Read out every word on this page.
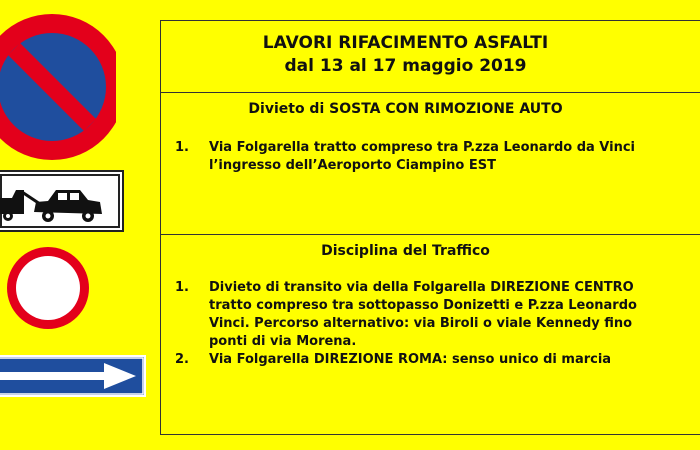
LAVORI RIFACIMENTO ASFALTI
dal 13 al 17 maggio 2019
Divieto di SOSTA CON RIMOZIONE AUTO
1. Via Folgarella tratto compreso tra P.zza Leonardo da Vinci
l’ingresso dell’Aeroporto Ciampino EST
Disciplina del Traffico
1. Divieto di transito via della Folgarella DIREZIONE CENTRO
tratto compreso tra sottopasso Donizetti e P.zza Leonardo
Vinci. Percorso alternativo: via Biroli o viale Kennedy fino
ponti di via Morena.
2. Via Folgarella DIREZIONE ROMA: senso unico di marcia
